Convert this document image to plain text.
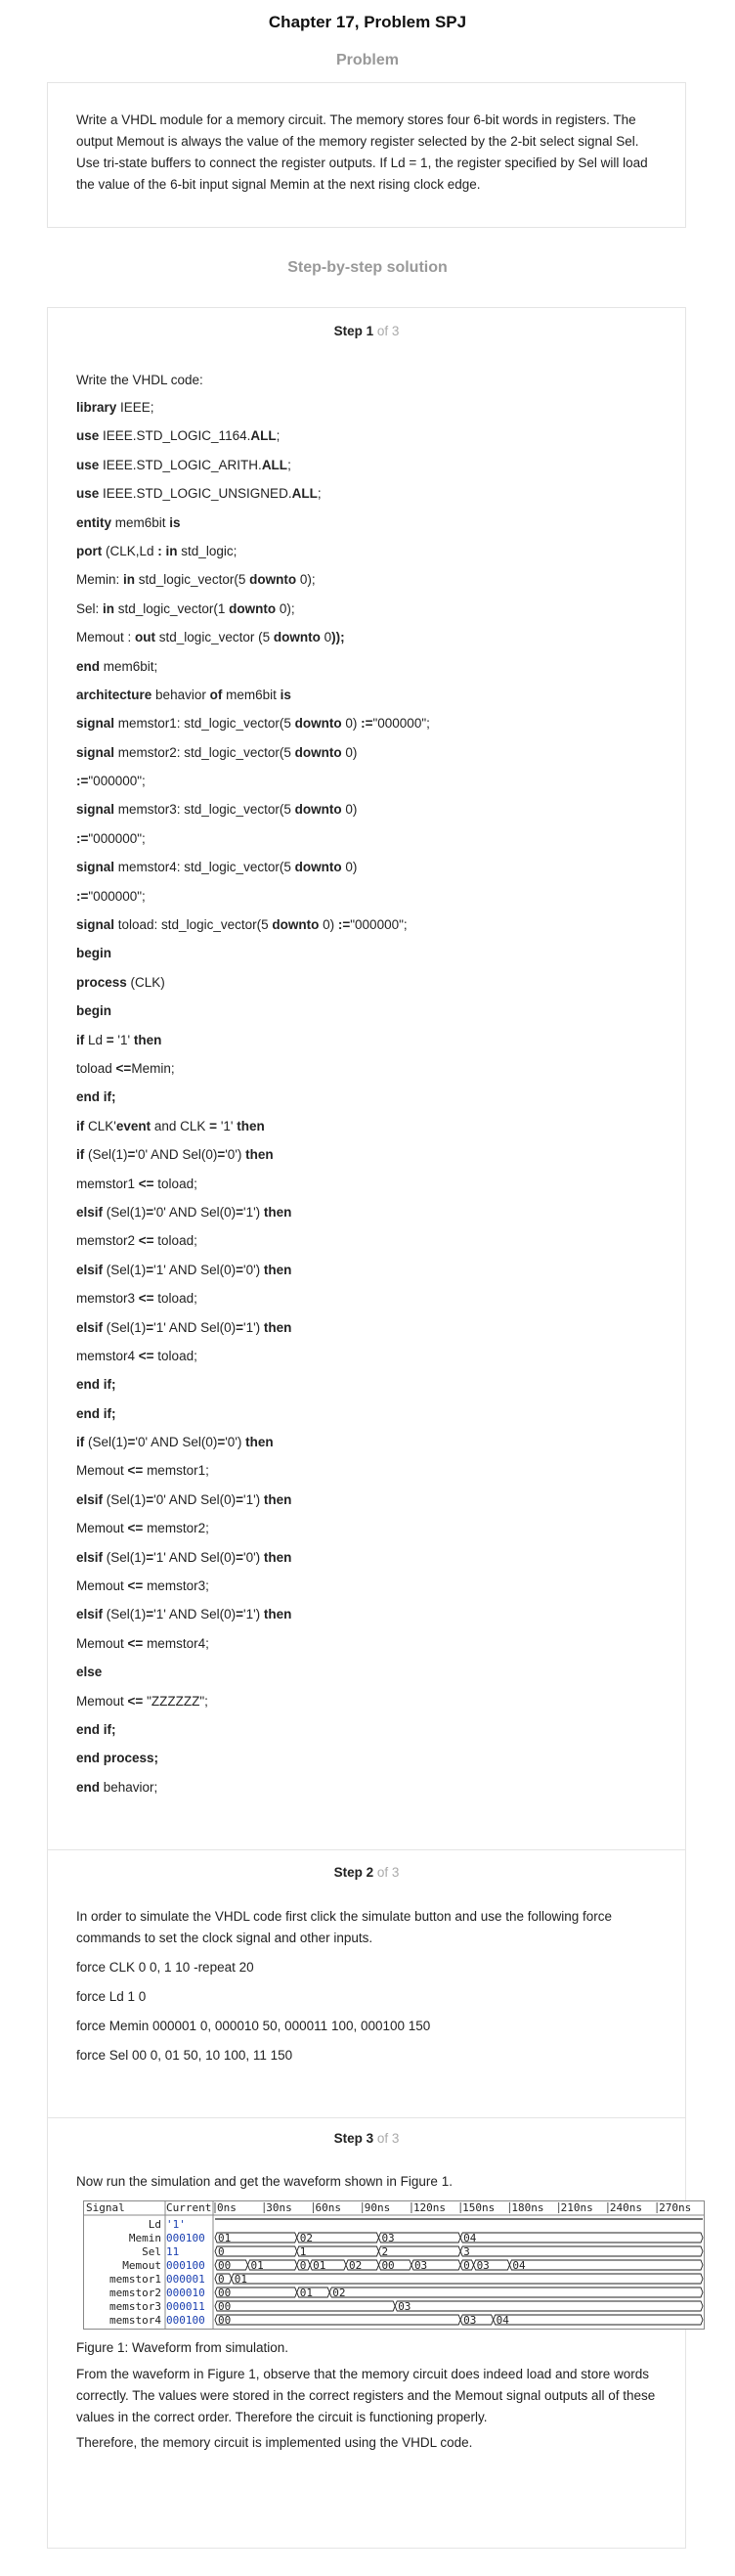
Chapter 17, Problem SPJ
Problem
Write a VHDL module for a memory circuit. The memory stores four 6-bit words in registers. The output Memout is always the value of the memory register selected by the 2-bit select signal Sel. Use tri-state buffers to connect the register outputs. If Ld = 1, the register specified by Sel will load the value of the 6-bit input signal Memin at the next rising clock edge.
Step-by-step solution
Step 1 of 3
Write the VHDL code:
library IEEE;
use IEEE.STD_LOGIC_1164.ALL;
use IEEE.STD_LOGIC_ARITH.ALL;
use IEEE.STD_LOGIC_UNSIGNED.ALL;
entity mem6bit is
port (CLK,Ld : in std_logic;
Memin: in std_logic_vector(5 downto 0);
Sel: in std_logic_vector(1 downto 0);
Memout : out std_logic_vector (5 downto 0));
end mem6bit;
architecture behavior of mem6bit is
signal memstor1: std_logic_vector(5 downto 0) :="000000";
signal memstor2: std_logic_vector(5 downto 0)
:="000000";
signal memstor3: std_logic_vector(5 downto 0)
:="000000";
signal memstor4: std_logic_vector(5 downto 0)
:="000000";
signal toload: std_logic_vector(5 downto 0) :="000000";
begin
process (CLK)
begin
if Ld = '1' then
toload <=Memin;
end if;
if CLK'event and CLK = '1' then
if (Sel(1)='0' AND Sel(0)='0') then
memstor1 <= toload;
elsif (Sel(1)='0' AND Sel(0)='1') then
memstor2 <= toload;
elsif (Sel(1)='1' AND Sel(0)='0') then
memstor3 <= toload;
elsif (Sel(1)='1' AND Sel(0)='1') then
memstor4 <= toload;
end if;
end if;
if (Sel(1)='0' AND Sel(0)='0') then
Memout <= memstor1;
elsif (Sel(1)='0' AND Sel(0)='1') then
Memout <= memstor2;
elsif (Sel(1)='1' AND Sel(0)='0') then
Memout <= memstor3;
elsif (Sel(1)='1' AND Sel(0)='1') then
Memout <= memstor4;
else
Memout <= "ZZZZZZ";
end if;
end process;
end behavior;
Step 2 of 3
In order to simulate the VHDL code first click the simulate button and use the following force commands to set the clock signal and other inputs.
force CLK 0 0, 1 10 -repeat 20
force Ld 1 0
force Memin 000001 0, 000010 50, 000011 100, 000100 150
force Sel 00 0, 01 50, 10 100, 11 150
Step 3 of 3
Now run the simulation and get the waveform shown in Figure 1.
Signal	Current 0ns	30ns 60ns 90ns 120ns 150ns 180ns 210ns 240ns 270ns
Ld '1'
Memin 000100 01	02	03	04
Sel 11	0	1	2	3
Memout 000100 00 01	0 01 02 00 03	0 03 04
memstor1 000001 0 01
memstor2 000010 00	01 02
memstor3 000011 00	03
memstor4 000100 00	03 04
Figure 1: Waveform from simulation.
From the waveform in Figure 1, observe that the memory circuit does indeed load and store words correctly. The values were stored in the correct registers and the Memout signal outputs all of these values in the correct order. Therefore the circuit is functioning properly.
Therefore, the memory circuit is implemented using the VHDL code.
